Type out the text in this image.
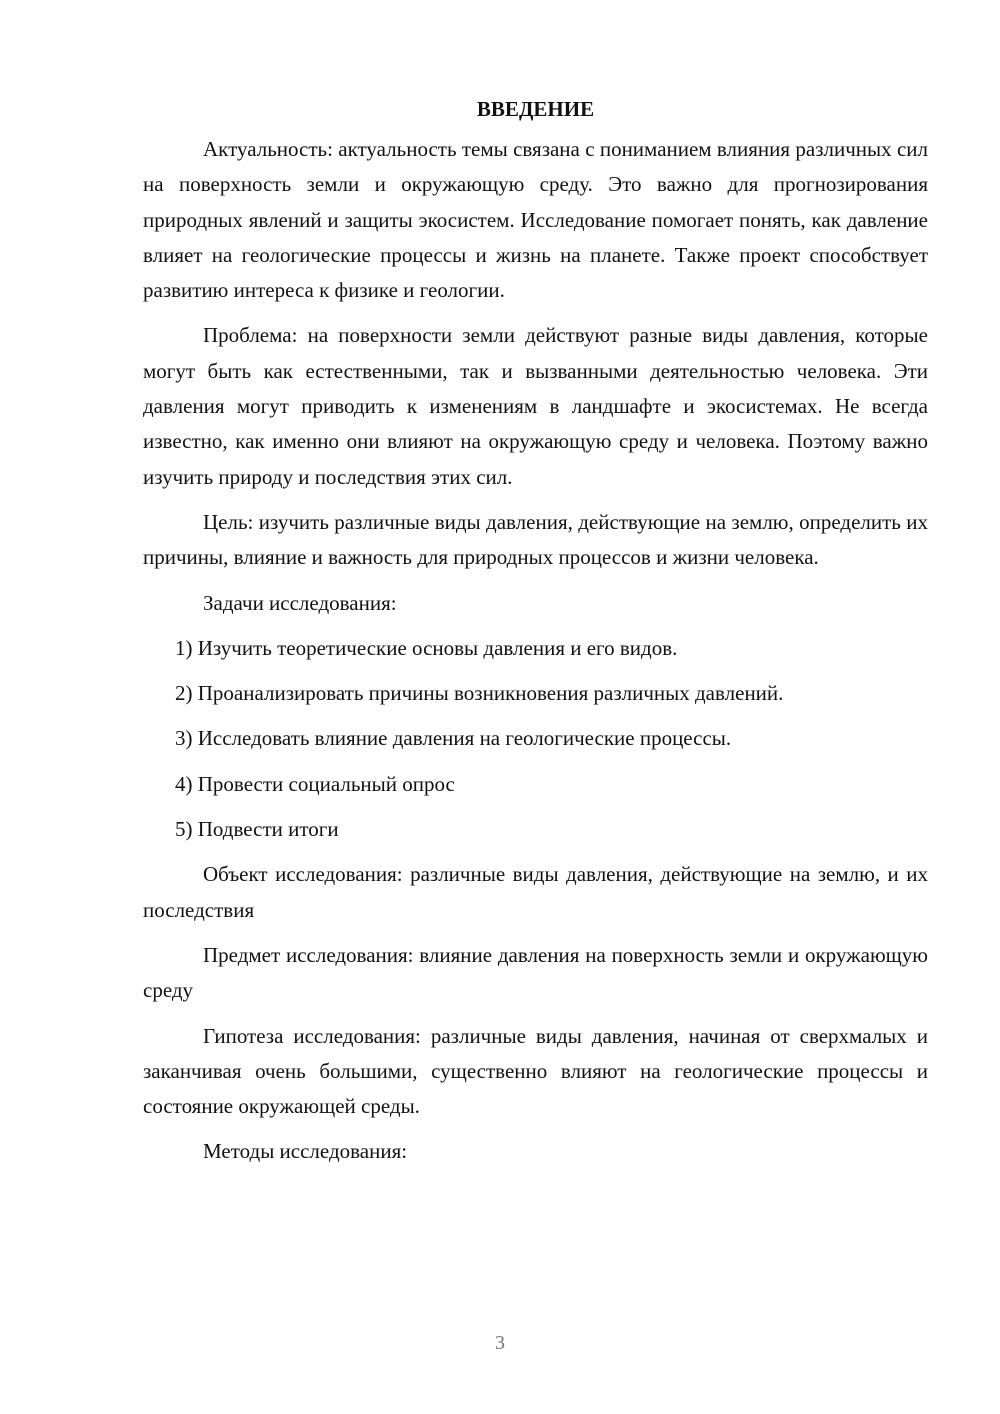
ВВЕДЕНИЕ

Актуальность: актуальность темы связана с пониманием влияния различных сил на поверхность земли и окружающую среду. Это важно для прогнозирования природных явлений и защиты экосистем. Исследование помогает понять, как давление влияет на геологические процессы и жизнь на планете. Также проект способствует развитию интереса к физике и геологии.

Проблема: на поверхности земли действуют разные виды давления, которые могут быть как естественными, так и вызванными деятельностью человека. Эти давления могут приводить к изменениям в ландшафте и экосистемах. Не всегда известно, как именно они влияют на окружающую среду и человека. Поэтому важно изучить природу и последствия этих сил.

Цель: изучить различные виды давления, действующие на землю, определить их причины, влияние и важность для природных процессов и жизни человека.

Задачи исследования:

1) Изучить теоретические основы давления и его видов.

2) Проанализировать причины возникновения различных давлений.

3) Исследовать влияние давления на геологические процессы.

4) Провести социальный опрос

5) Подвести итоги

Объект исследования: различные виды давления, действующие на землю, и их последствия

Предмет исследования: влияние давления на поверхность земли и окружающую среду

Гипотеза исследования: различные виды давления, начиная от сверхмалых и заканчивая очень большими, существенно влияют на геологические процессы и состояние окружающей среды.

Методы исследования:

3
